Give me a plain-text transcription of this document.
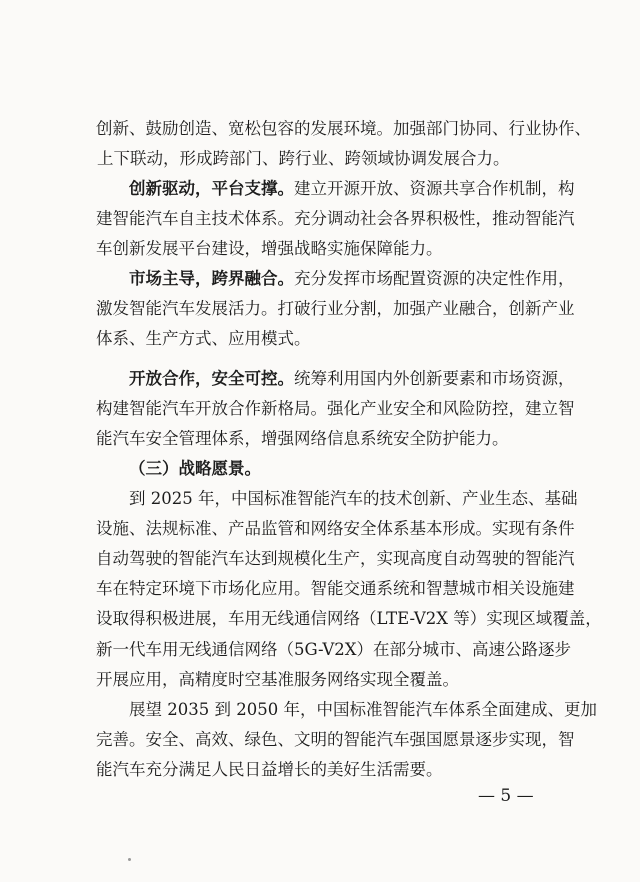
创新、鼓励创造、宽松包容的发展环境。加强部门协同、行业协作、
上下联动，形成跨部门、跨行业、跨领域协调发展合力。
创新驱动，平台支撑。建立开源开放、资源共享合作机制，构
建智能汽车自主技术体系。充分调动社会各界积极性，推动智能汽
车创新发展平台建设，增强战略实施保障能力。
市场主导，跨界融合。充分发挥市场配置资源的决定性作用，
激发智能汽车发展活力。打破行业分割，加强产业融合，创新产业
体系、生产方式、应用模式。
开放合作，安全可控。统筹利用国内外创新要素和市场资源，
构建智能汽车开放合作新格局。强化产业安全和风险防控，建立智
能汽车安全管理体系，增强网络信息系统安全防护能力。
（三）战略愿景。
到 2025 年，中国标准智能汽车的技术创新、产业生态、基础
设施、法规标准、产品监管和网络安全体系基本形成。实现有条件
自动驾驶的智能汽车达到规模化生产，实现高度自动驾驶的智能汽
车在特定环境下市场化应用。智能交通系统和智慧城市相关设施建
设取得积极进展，车用无线通信网络（LTE-V2X 等）实现区域覆盖，
新一代车用无线通信网络（5G-V2X）在部分城市、高速公路逐步
开展应用，高精度时空基准服务网络实现全覆盖。
展望 2035 到 2050 年，中国标准智能汽车体系全面建成、更加
完善。安全、高效、绿色、文明的智能汽车强国愿景逐步实现，智
能汽车充分满足人民日益增长的美好生活需要。
— 5 —
